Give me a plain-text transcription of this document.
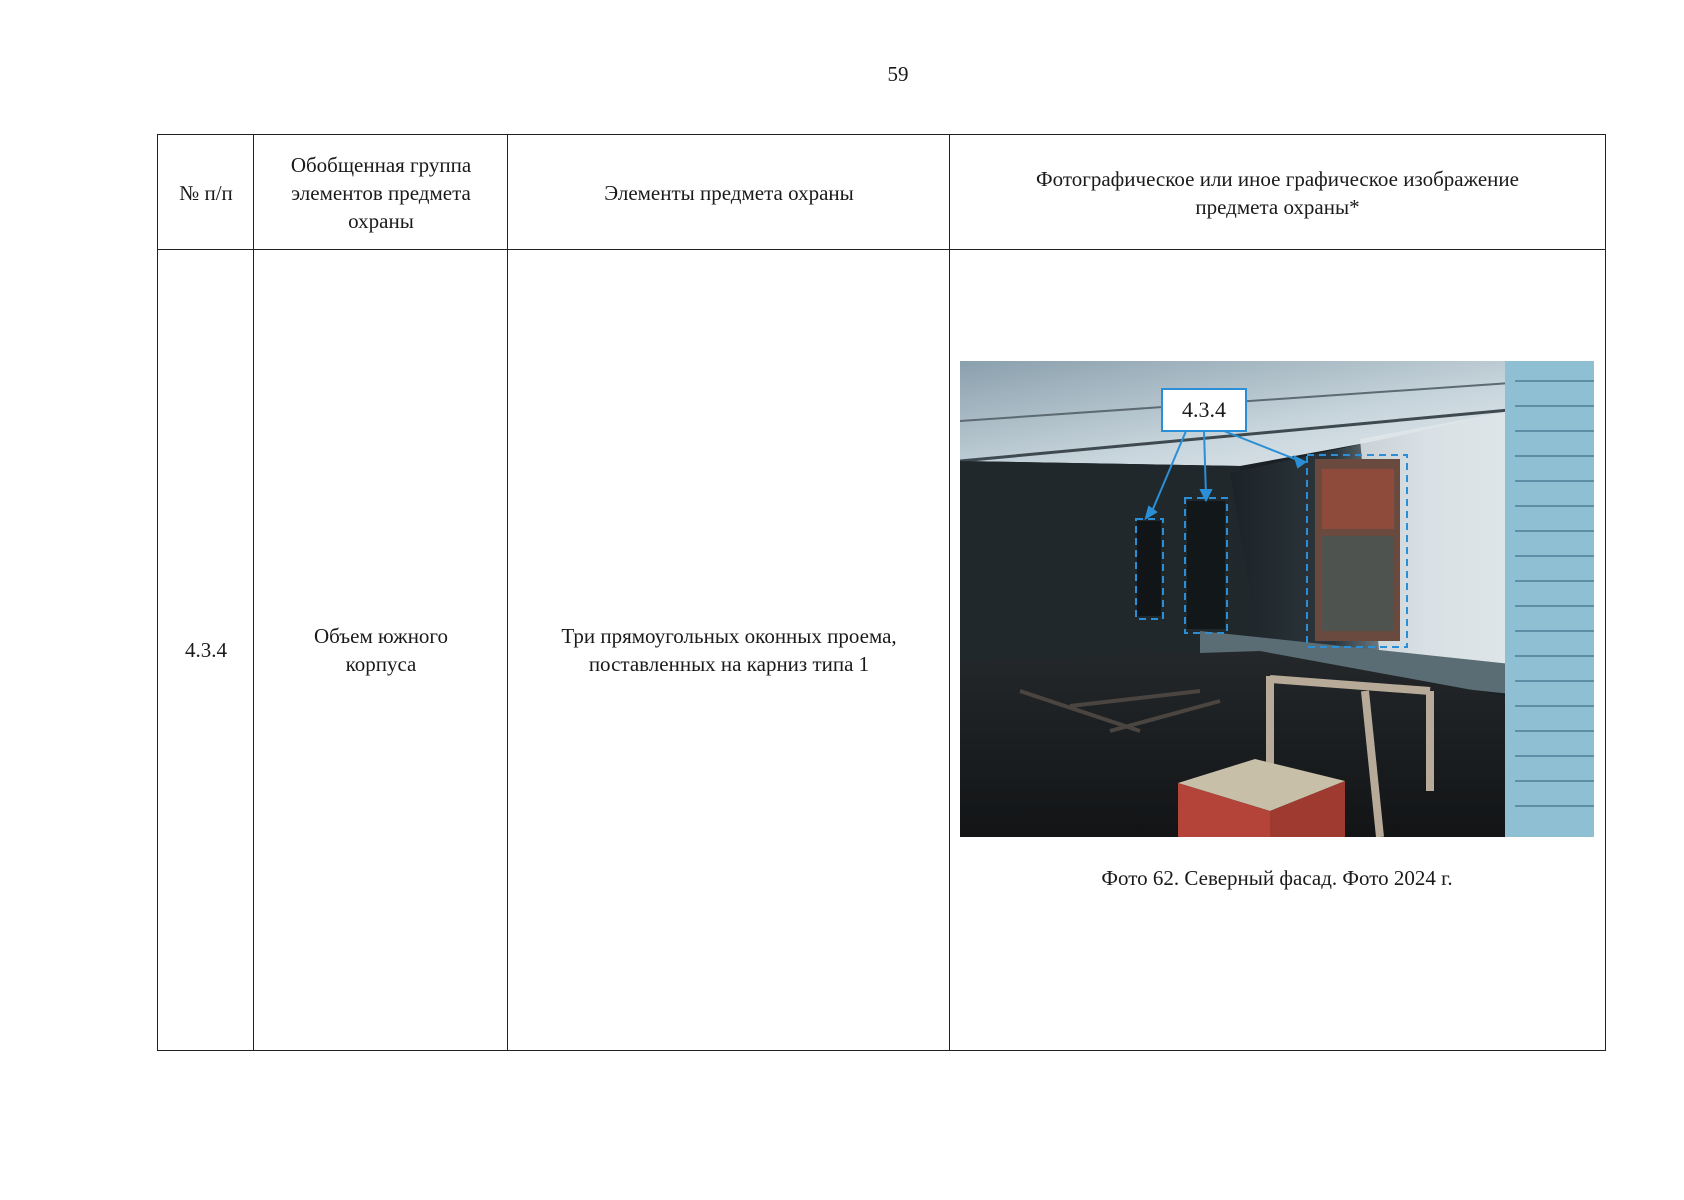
59
№ п/п
Обобщенная группа
элементов предмета
охраны
Элементы предмета охраны
Фотографическое или иное графическое изображение
предмета охраны*
4.3.4
Объем южного
корпуса
Три прямоугольных оконных проема,
поставленных на карниз типа 1
4.3.4
Фото 62. Северный фасад. Фото 2024 г.
